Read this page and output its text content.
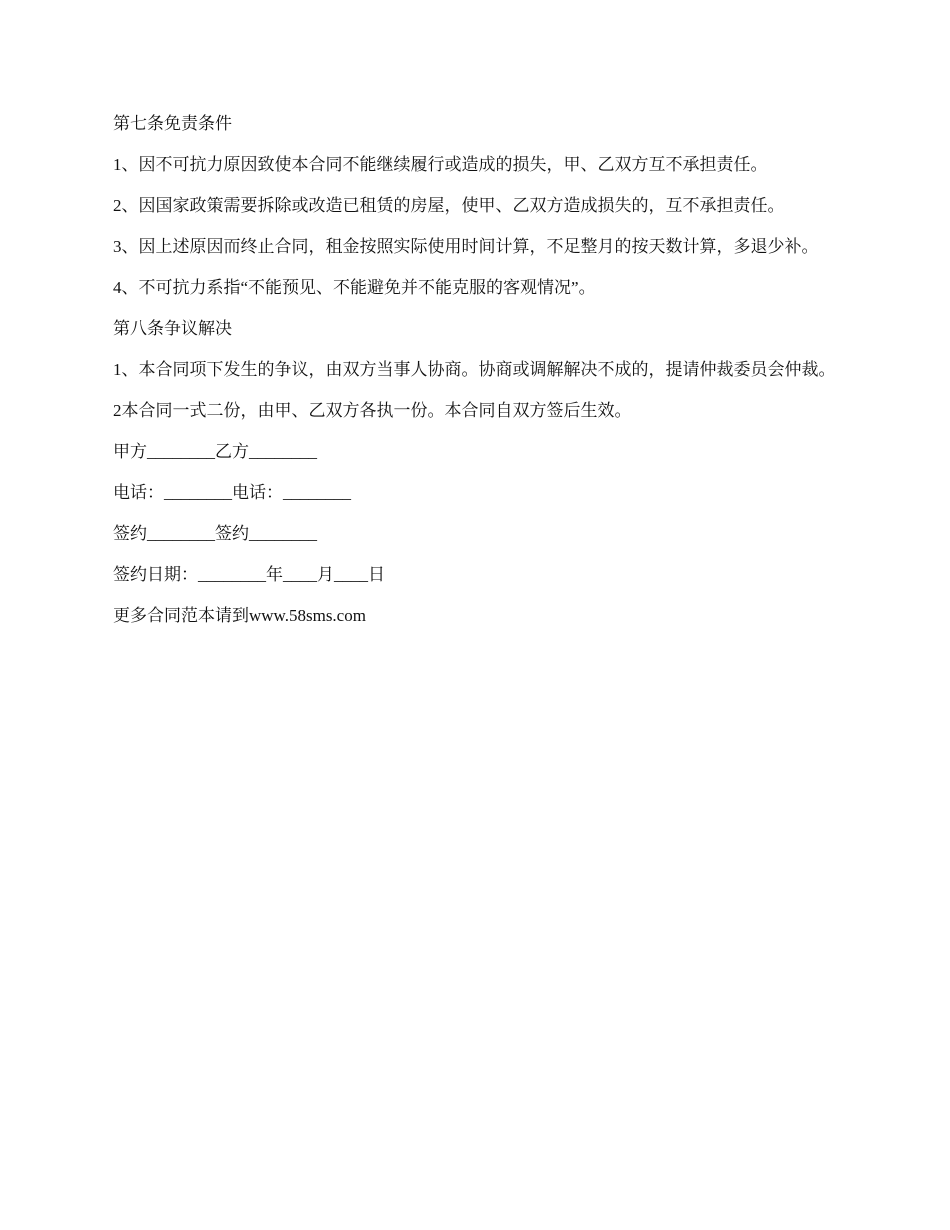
第七条免责条件

1、因不可抗力原因致使本合同不能继续履行或造成的损失，甲、乙双方互不承担责任。

2、因国家政策需要拆除或改造已租赁的房屋，使甲、乙双方造成损失的，互不承担责任。

3、因上述原因而终止合同，租金按照实际使用时间计算，不足整月的按天数计算，多退少补。

4、不可抗力系指“不能预见、不能避免并不能克服的客观情况”。

第八条争议解决

1、本合同项下发生的争议，由双方当事人协商。协商或调解解决不成的，提请仲裁委员会仲裁。

2本合同一式二份，由甲、乙双方各执一份。本合同自双方签后生效。

甲方________乙方________

电话：________电话：________

签约________签约________

签约日期：________年____月____日

更多合同范本请到www.58sms.com
